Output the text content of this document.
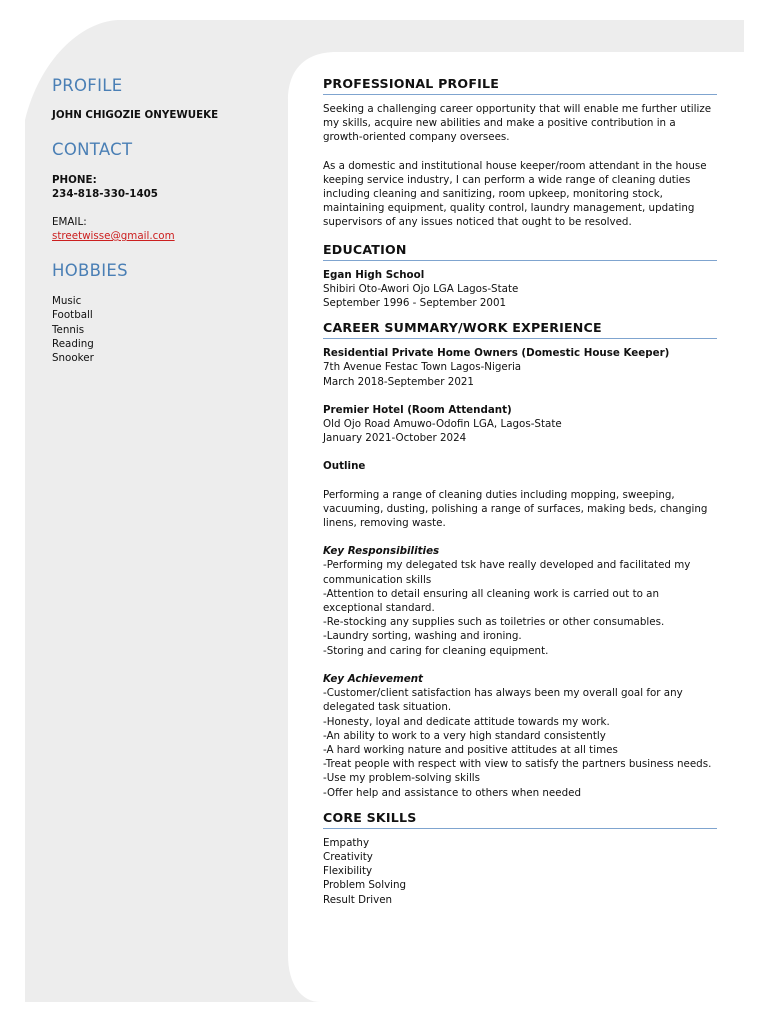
PROFILE
JOHN CHIGOZIE ONYEWUEKE
CONTACT
PHONE:
234-818-330-1405
EMAIL:
streetwisse@gmail.com
HOBBIES
Music
Football
Tennis
Reading
Snooker
PROFESSIONAL PROFILE

Seeking a challenging career opportunity that will enable me further utilize my skills, acquire new abilities and make a positive contribution in a growth-oriented company oversees.

As a domestic and institutional house keeper/room attendant in the house keeping service industry, I can perform a wide range of cleaning duties including cleaning and sanitizing, room upkeep, monitoring stock, maintaining equipment, quality control, laundry management, updating supervisors of any issues noticed that ought to be resolved.

EDUCATION
Egan High School
Shibiri Oto-Awori Ojo LGA Lagos-State
September 1996 - September 2001
CAREER SUMMARY/WORK EXPERIENCE
Residential Private Home Owners (Domestic House Keeper)
7th Avenue Festac Town Lagos-Nigeria
March 2018-September 2021
Premier Hotel (Room Attendant)
Old Ojo Road Amuwo-Odofin LGA, Lagos-State
January 2021-October 2024
Outline

Performing a range of cleaning duties including mopping, sweeping, vacuuming, dusting, polishing a range of surfaces, making beds, changing linens, removing waste.

Key Responsibilities
-Performing my delegated tsk have really developed and facilitated my communication skills
-Attention to detail ensuring all cleaning work is carried out to an exceptional standard.
-Re-stocking any supplies such as toiletries or other consumables.
-Laundry sorting, washing and ironing.
-Storing and caring for cleaning equipment.
Key Achievement
-Customer/client satisfaction has always been my overall goal for any delegated task situation.
-Honesty, loyal and dedicate attitude towards my work.
-An ability to work to a very high standard consistently
-A hard working nature and positive attitudes at all times
-Treat people with respect with view to satisfy the partners business needs.
-Use my problem-solving skills
-Offer help and assistance to others when needed
CORE SKILLS
Empathy
Creativity
Flexibility
Problem Solving
Result Driven
